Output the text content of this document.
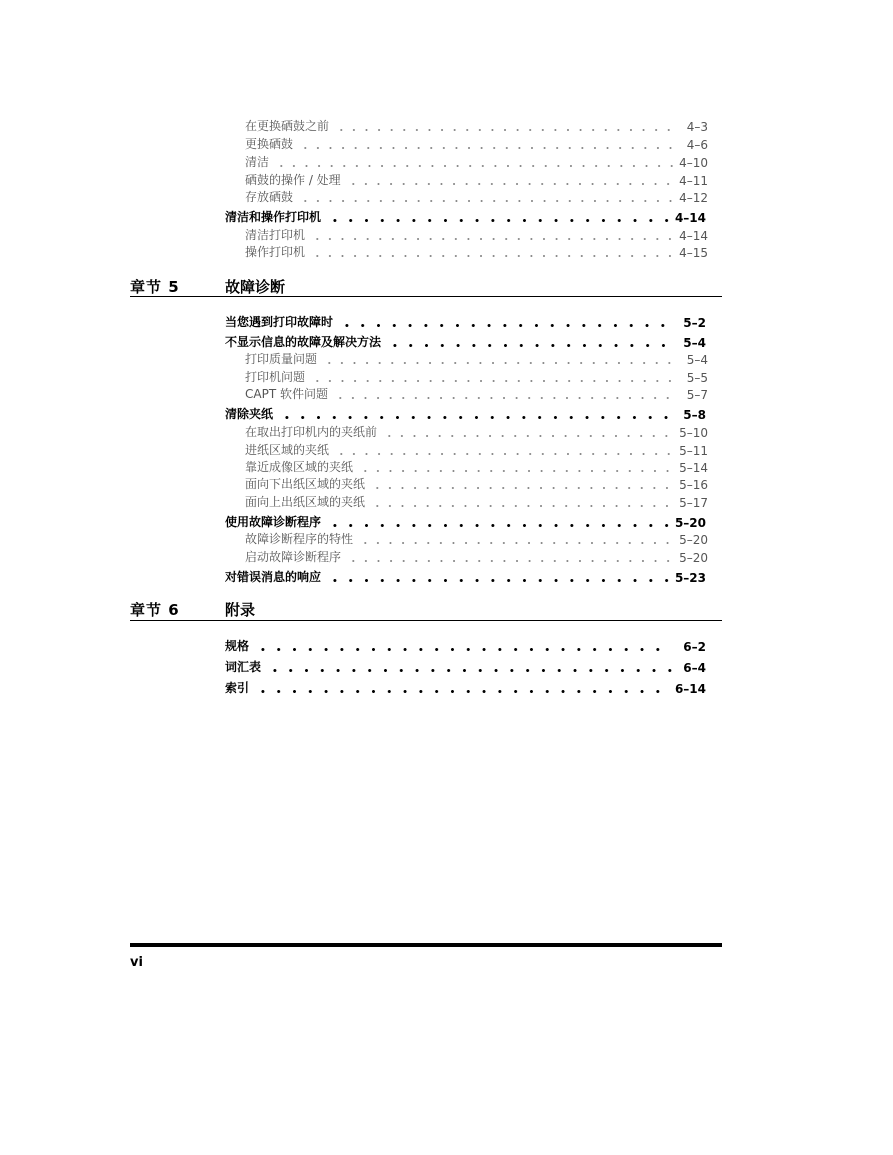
在更换硒鼓之前	4–3
更换硒鼓	4–6
清洁	4–10
硒鼓的操作 / 处理	4–11
存放硒鼓	4–12
清洁和操作打印机	4–14
清洁打印机	4–14
操作打印机	4–15
章节 5	故障诊断
当您遇到打印故障时	5–2
不显示信息的故障及解决方法	5–4
打印质量问题	5–4
打印机问题	5–5
CAPT 软件问题	5–7
清除夹纸	5–8
在取出打印机内的夹纸前	5–10
进纸区域的夹纸	5–11
靠近成像区域的夹纸	5–14
面向下出纸区域的夹纸	5–16
面向上出纸区域的夹纸	5–17
使用故障诊断程序	5–20
故障诊断程序的特性	5–20
启动故障诊断程序	5–20
对错误消息的响应	5–23
章节 6	附录
规格	6–2
词汇表	6–4
索引	6–14
vi
